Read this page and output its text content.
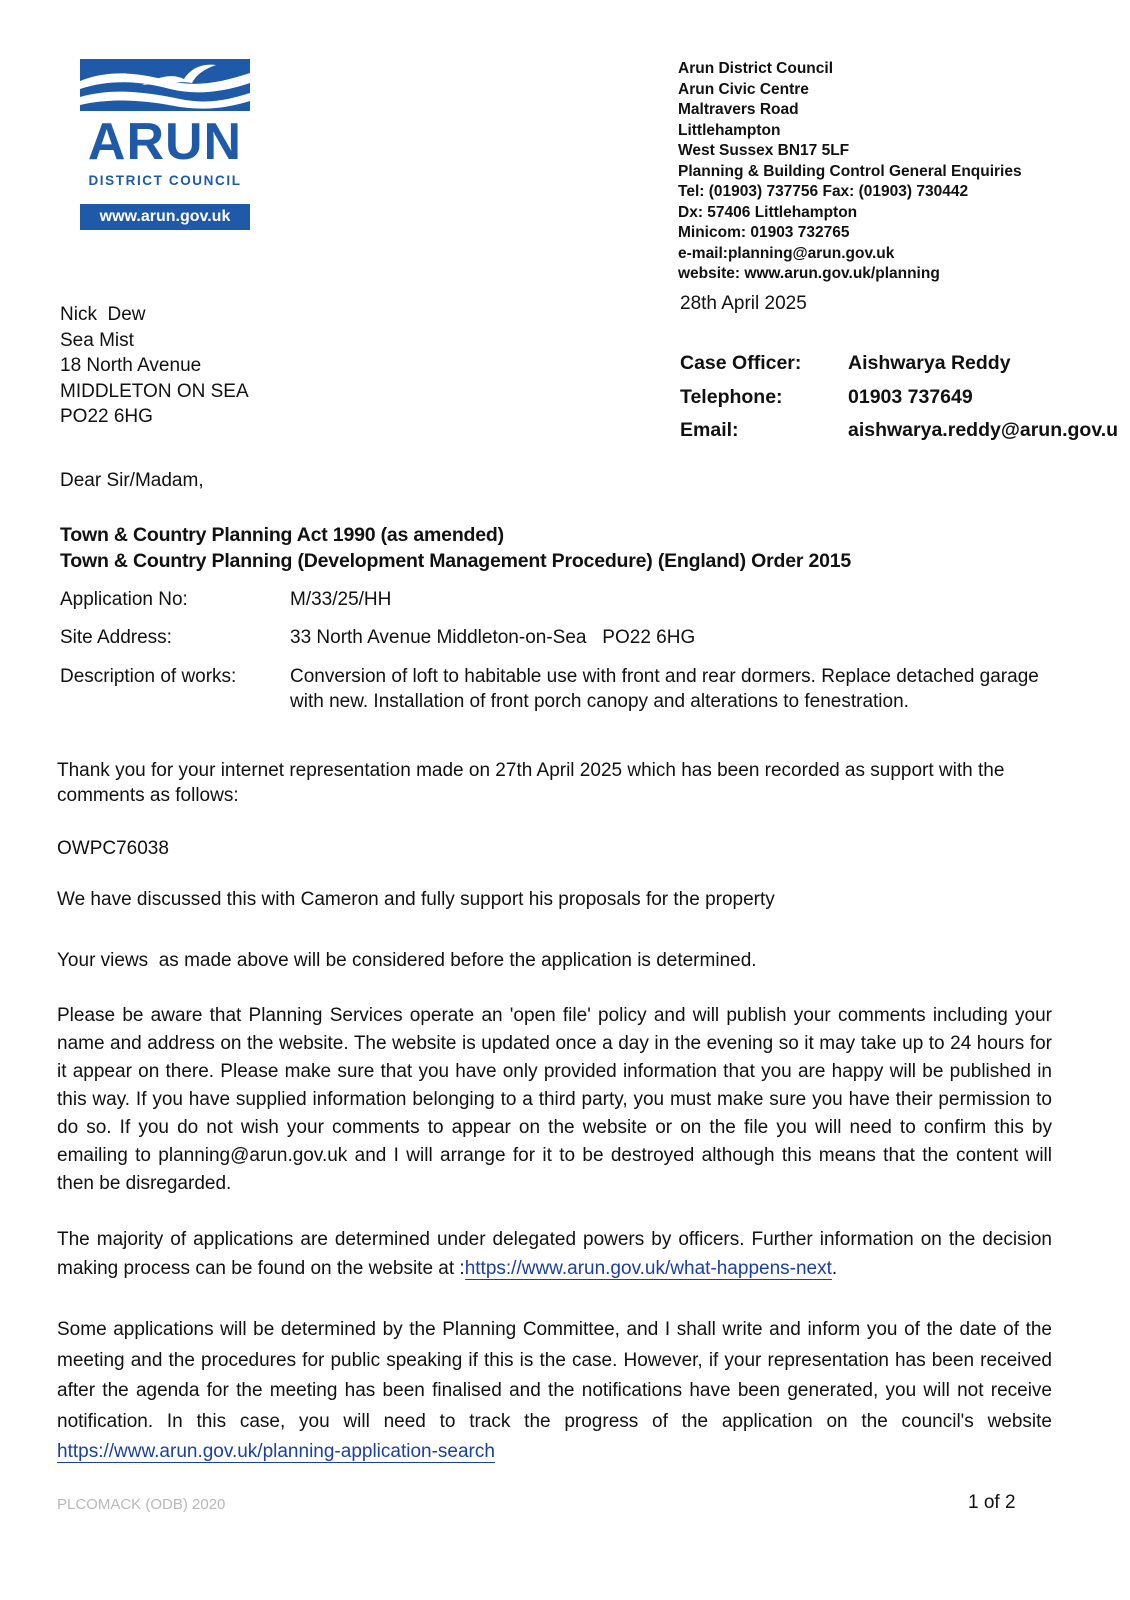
ARUN
DISTRICT COUNCIL
www.arun.gov.uk
Arun District Council
Arun Civic Centre
Maltravers Road
Littlehampton
West Sussex BN17 5LF
Planning & Building Control General Enquiries
Tel: (01903) 737756 Fax: (01903) 730442
Dx: 57406 Littlehampton
Minicom: 01903 732765
e-mail:planning@arun.gov.uk
website: www.arun.gov.uk/planning
28th April 2025
Nick  Dew
Sea Mist
18 North Avenue
MIDDLETON ON SEA
PO22 6HG
Case Officer: Aishwarya Reddy
Telephone:	01903 737649
Email:	aishwarya.reddy@arun.gov.u
Dear Sir/Madam,
Town & Country Planning Act 1990 (as amended)
Town & Country Planning (Development Management Procedure) (England) Order 2015
Application No:	M/33/25/HH
Site Address:	33 North Avenue Middleton-on-Sea   PO22 6HG
Description of works:	Conversion of loft to habitable use with front and rear dormers. Replace detached garage with new. Installation of front porch canopy and alterations to fenestration.
Thank you for your internet representation made on 27th April 2025 which has been recorded as support with the comments as follows:
OWPC76038
We have discussed this with Cameron and fully support his proposals for the property
Your views  as made above will be considered before the application is determined.
Please be aware that Planning Services operate an 'open file' policy and will publish your comments including your name and address on the website. The website is updated once a day in the evening so it may take up to 24 hours for it appear on there. Please make sure that you have only provided information that you are happy will be published in this way. If you have supplied information belonging to a third party, you must make sure you have their permission to do so. If you do not wish your comments to appear on the website or on the file you will need to confirm this by emailing to planning@arun.gov.uk and I will arrange for it to be destroyed although this means that the content will then be disregarded.
The majority of applications are determined under delegated powers by officers. Further information on the decision making process can be found on the website at :https://www.arun.gov.uk/what-happens-next.
Some applications will be determined by the Planning Committee, and I shall write and inform you of the date of the meeting and the procedures for public speaking if this is the case. However, if your representation has been received after the agenda for the meeting has been finalised and the notifications have been generated, you will not receive notification. In this case, you will need to track the progress of the application on the council's website https://www.arun.gov.uk/planning-application-search
PLCOMACK (ODB) 2020	1 of 2
